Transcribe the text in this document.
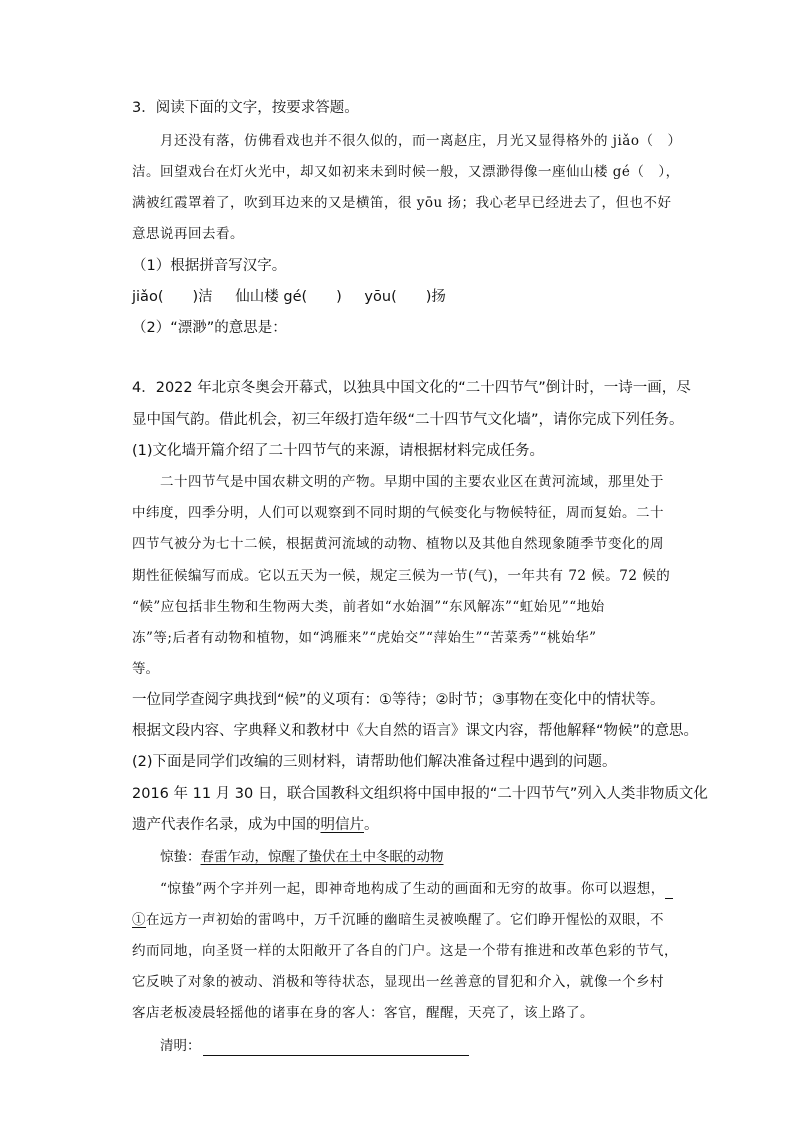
3．阅读下面的文字，按要求答题。
月还没有落，仿佛看戏也并不很久似的，而一离赵庄，月光又显得格外的 jiǎo（　）
洁。回望戏台在灯火光中，却又如初来未到时候一般，又漂渺得像一座仙山楼 gé（　），
满被红霞罩着了，吹到耳边来的又是横笛，很 yōu 扬；我心老早已经进去了，但也不好
意思说再回去看。
（1）根据拼音写汉字。
jiǎo(　　)洁 仙山楼 gé(　　) yōu(　　)扬
（2）“漂渺”的意思是：
4．2022 年北京冬奥会开幕式，以独具中国文化的“二十四节气”倒计时，一诗一画，尽
显中国气韵。借此机会，初三年级打造年级“二十四节气文化墙”，请你完成下列任务。
(1)文化墙开篇介绍了二十四节气的来源，请根据材料完成任务。
二十四节气是中国农耕文明的产物。早期中国的主要农业区在黄河流域，那里处于
中纬度，四季分明，人们可以观察到不同时期的气候变化与物候特征，周而复始。二十
四节气被分为七十二候，根据黄河流域的动物、植物以及其他自然现象随季节变化的周
期性征候编写而成。它以五天为一候，规定三候为一节(气)，一年共有 72 候。72 候的
“候”应包括非生物和生物两大类，前者如“水始涸”“东风解冻”“虹始见”“地始
冻”等;后者有动物和植物，如“鸿雁来”“虎始交”“萍始生”“苦菜秀”“桃始华”
等。
一位同学查阅字典找到“候”的义项有：①等待；②时节；③事物在变化中的情状等。
根据文段内容、字典释义和教材中《大自然的语言》课文内容，帮他解释“物候”的意思。
(2)下面是同学们改编的三则材料，请帮助他们解决准备过程中遇到的问题。
2016 年 11 月 30 日，联合国教科文组织将中国申报的“二十四节气”列入人类非物质文化
遗产代表作名录，成为中国的明信片。
惊蛰：春雷乍动，惊醒了蛰伏在土中冬眠的动物
“惊蛰”两个字并列一起，即神奇地构成了生动的画面和无穷的故事。你可以遐想，
①在远方一声初始的雷鸣中，万千沉睡的幽暗生灵被唤醒了。它们睁开惺忪的双眼，不
约而同地，向圣贤一样的太阳敞开了各自的门户。这是一个带有推进和改革色彩的节气，
它反映了对象的被动、消极和等待状态，显现出一丝善意的冒犯和介入，就像一个乡村
客店老板凌晨轻摇他的诸事在身的客人：客官，醒醒，天亮了，该上路了。
清明：
